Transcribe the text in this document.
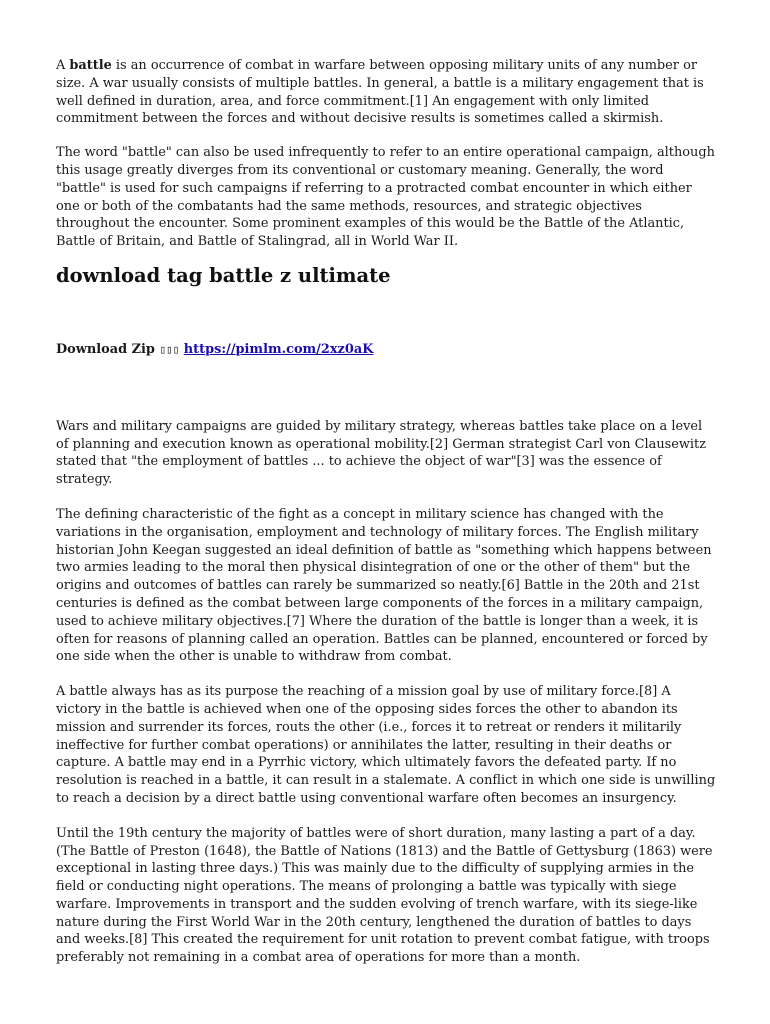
A battle is an occurrence of combat in warfare between opposing military units of any number or size. A war usually consists of multiple battles. In general, a battle is a military engagement that is well defined in duration, area, and force commitment.[1] An engagement with only limited commitment between the forces and without decisive results is sometimes called a skirmish.

The word "battle" can also be used infrequently to refer to an entire operational campaign, although this usage greatly diverges from its conventional or customary meaning. Generally, the word "battle" is used for such campaigns if referring to a protracted combat encounter in which either one or both of the combatants had the same methods, resources, and strategic objectives throughout the encounter. Some prominent examples of this would be the Battle of the Atlantic, Battle of Britain, and Battle of Stalingrad, all in World War II.

download tag battle z ultimate
Download Zip ▯▯▯ https://pimlm.com/2xz0aK

Wars and military campaigns are guided by military strategy, whereas battles take place on a level of planning and execution known as operational mobility.[2] German strategist Carl von Clausewitz stated that "the employment of battles ... to achieve the object of war"[3] was the essence of strategy.

The defining characteristic of the fight as a concept in military science has changed with the variations in the organisation, employment and technology of military forces. The English military historian John Keegan suggested an ideal definition of battle as "something which happens between two armies leading to the moral then physical disintegration of one or the other of them" but the origins and outcomes of battles can rarely be summarized so neatly.[6] Battle in the 20th and 21st centuries is defined as the combat between large components of the forces in a military campaign, used to achieve military objectives.[7] Where the duration of the battle is longer than a week, it is often for reasons of planning called an operation. Battles can be planned, encountered or forced by one side when the other is unable to withdraw from combat.

A battle always has as its purpose the reaching of a mission goal by use of military force.[8] A victory in the battle is achieved when one of the opposing sides forces the other to abandon its mission and surrender its forces, routs the other (i.e., forces it to retreat or renders it militarily ineffective for further combat operations) or annihilates the latter, resulting in their deaths or capture. A battle may end in a Pyrrhic victory, which ultimately favors the defeated party. If no resolution is reached in a battle, it can result in a stalemate. A conflict in which one side is unwilling to reach a decision by a direct battle using conventional warfare often becomes an insurgency.

Until the 19th century the majority of battles were of short duration, many lasting a part of a day. (The Battle of Preston (1648), the Battle of Nations (1813) and the Battle of Gettysburg (1863) were exceptional in lasting three days.) This was mainly due to the difficulty of supplying armies in the field or conducting night operations. The means of prolonging a battle was typically with siege warfare. Improvements in transport and the sudden evolving of trench warfare, with its siege-like nature during the First World War in the 20th century, lengthened the duration of battles to days and weeks.[8] This created the requirement for unit rotation to prevent combat fatigue, with troops preferably not remaining in a combat area of operations for more than a month.
